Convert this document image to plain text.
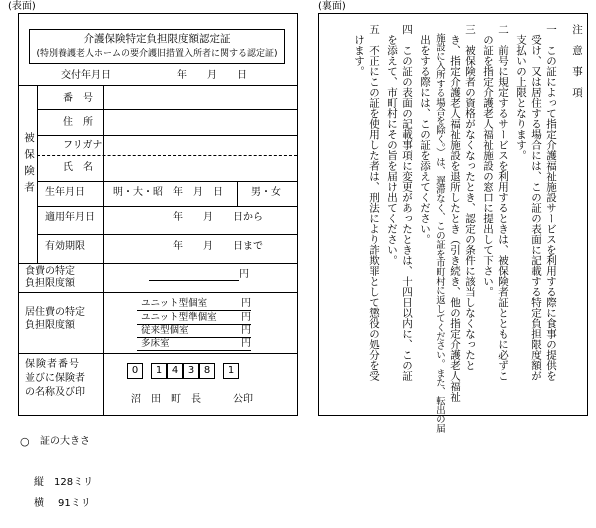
(表面)
介護保険特定負担限度額認定証
(特別養護老人ホームの要介護旧措置入所者に関する認定証)
交付年月日	年　　月　　日
被保険者
番　号
住　所
フリガナ
氏　名
生年月日	明・大・昭　年　月　日	男・女
適用年月日	年　　月　　日から
有効期限	年　　月　　日まで
食費の特定
負担限度額
円
居住費の特定
負担限度額
ユニット型個室	円
ユニット型準個室 円
従来型個室	円
多床室	円
保険者番号
並びに保険者
の名称及び印
0	1 4 3 8	1
沼　田　町　長	公印
(裏面)
注　意　事　項
一　この証によって指定介護福祉施設サービスを利用する際に食事の提供を
　受け、又は居住する場合には、この証の表面に記載する特定負担限度額が
　支払いの上限となります。
二　前号に規定するサービスを利用するときは、被保険者証とともに必ずこ
　の証を指定介護老人福祉施設の窓口に提出して下さい。
三　被保険者の資格がなくなったとき、認定の条件に該当しなくなったと
　き、指定介護老人福祉施設を退所したとき（引き続き、他の指定介護老人福祉
　施設に入所する場合を除く。）は、遅滞なく、この証を市町村に返してください。また、転出の届
　出をする際には、この証を添えてください。
四　この証の表面の記載事項に変更があったときは、十四日以内に、この証
　を添えて、市町村にその旨を届け出てください。
五　不正にこの証を使用した者は、刑法により詐欺罪として懲役の処分を受
　けます。
○ 証の大きさ
縦 128ミリ
横 91ミリ
